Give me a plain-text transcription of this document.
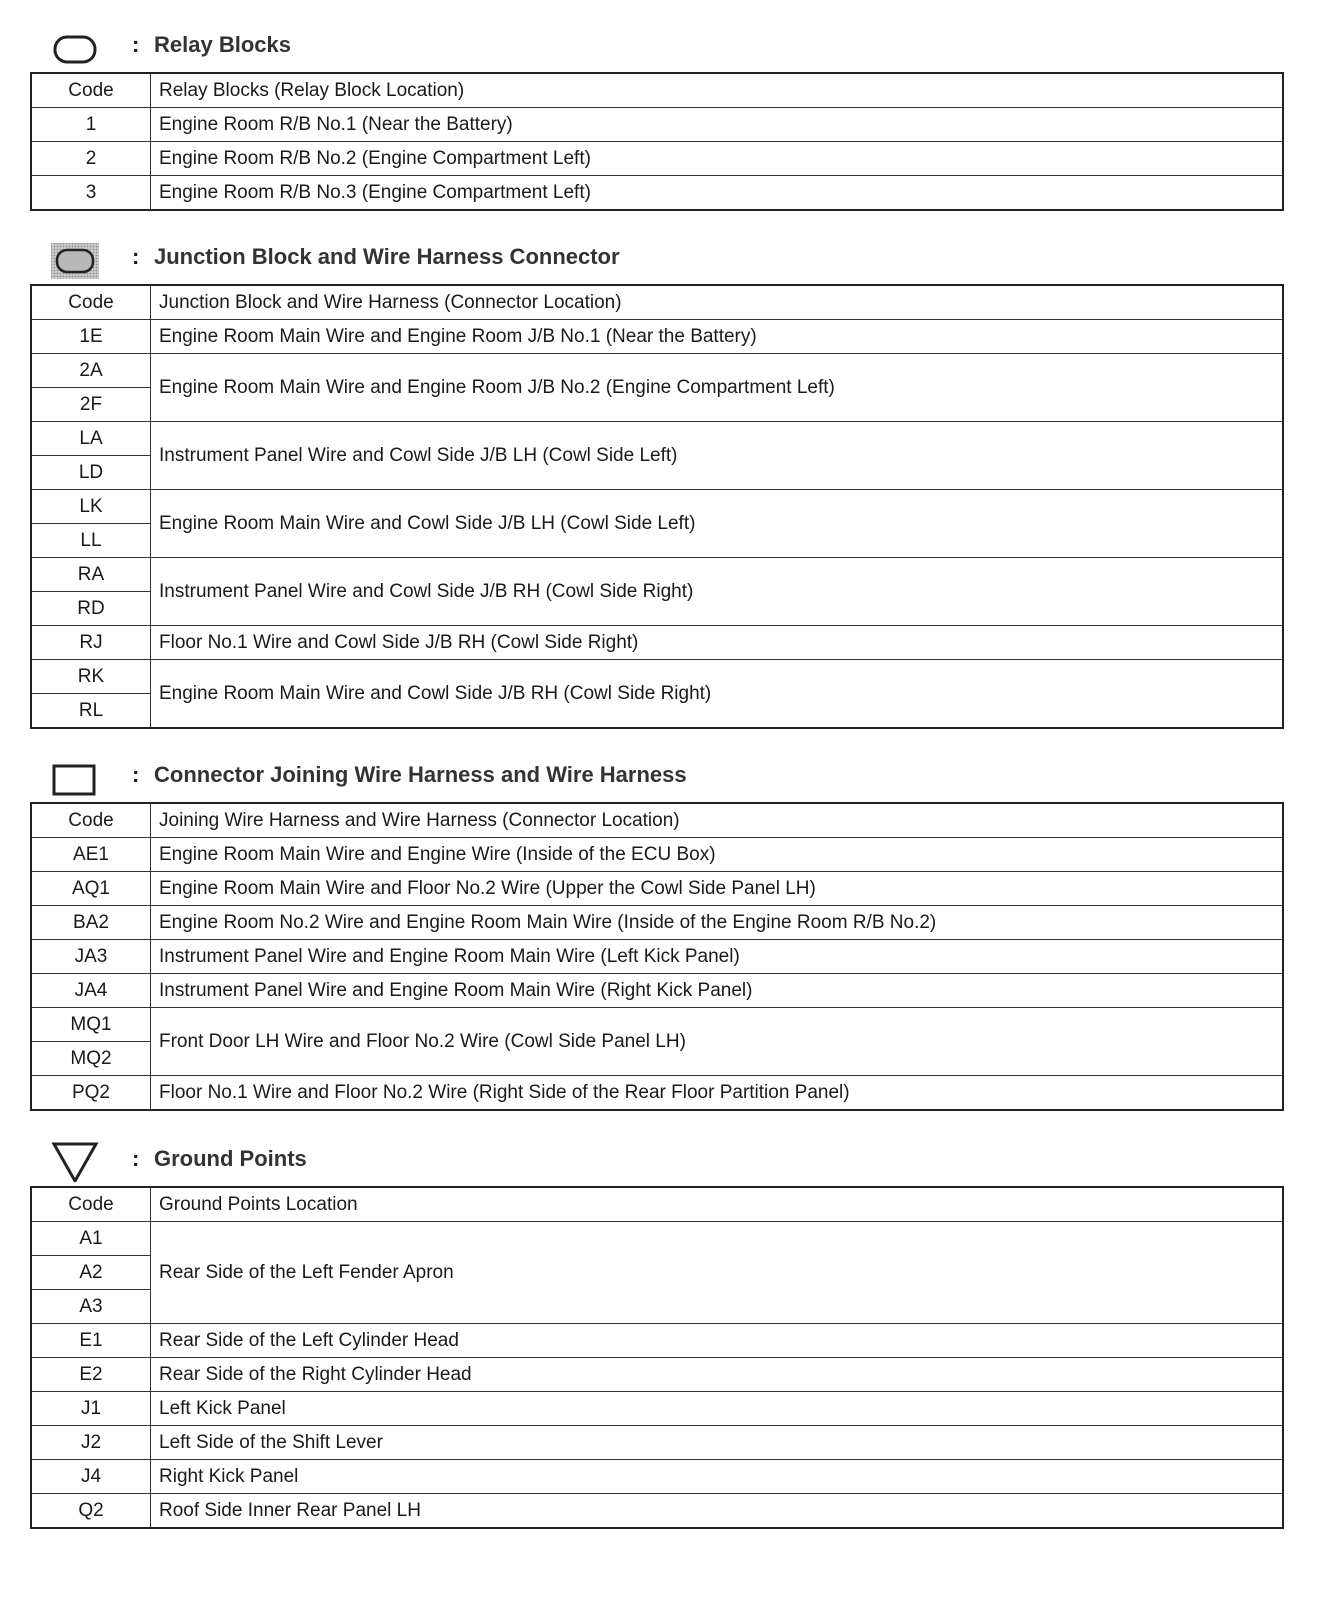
: Relay Blocks
Code	Relay Blocks (Relay Block Location)
1	Engine Room R/B No.1 (Near the Battery)
2	Engine Room R/B No.2 (Engine Compartment Left)
3	Engine Room R/B No.3 (Engine Compartment Left)
: Junction Block and Wire Harness Connector
Code	Junction Block and Wire Harness (Connector Location)
1E	Engine Room Main Wire and Engine Room J/B No.1 (Near the Battery)
2A	Engine Room Main Wire and Engine Room J/B No.2 (Engine Compartment Left)
2F	
LA	Instrument Panel Wire and Cowl Side J/B LH (Cowl Side Left)
LD	
LK	Engine Room Main Wire and Cowl Side J/B LH (Cowl Side Left)
LL	
RA	Instrument Panel Wire and Cowl Side J/B RH (Cowl Side Right)
RD	
RJ	Floor No.1 Wire and Cowl Side J/B RH (Cowl Side Right)
RK	Engine Room Main Wire and Cowl Side J/B RH (Cowl Side Right)
RL	
: Connector Joining Wire Harness and Wire Harness
Code	Joining Wire Harness and Wire Harness (Connector Location)
AE1	Engine Room Main Wire and Engine Wire (Inside of the ECU Box)
AQ1	Engine Room Main Wire and Floor No.2 Wire (Upper the Cowl Side Panel LH)
BA2	Engine Room No.2 Wire and Engine Room Main Wire (Inside of the Engine Room R/B No.2)
JA3	Instrument Panel Wire and Engine Room Main Wire (Left Kick Panel)
JA4	Instrument Panel Wire and Engine Room Main Wire (Right Kick Panel)
MQ1	Front Door LH Wire and Floor No.2 Wire (Cowl Side Panel LH)
MQ2	
PQ2	Floor No.1 Wire and Floor No.2 Wire (Right Side of the Rear Floor Partition Panel)
: Ground Points
Code	Ground Points Location
A1	Rear Side of the Left Fender Apron
A2	
A3	
E1	Rear Side of the Left Cylinder Head
E2	Rear Side of the Right Cylinder Head
J1	Left Kick Panel
J2	Left Side of the Shift Lever
J4	Right Kick Panel
Q2	Roof Side Inner Rear Panel LH
